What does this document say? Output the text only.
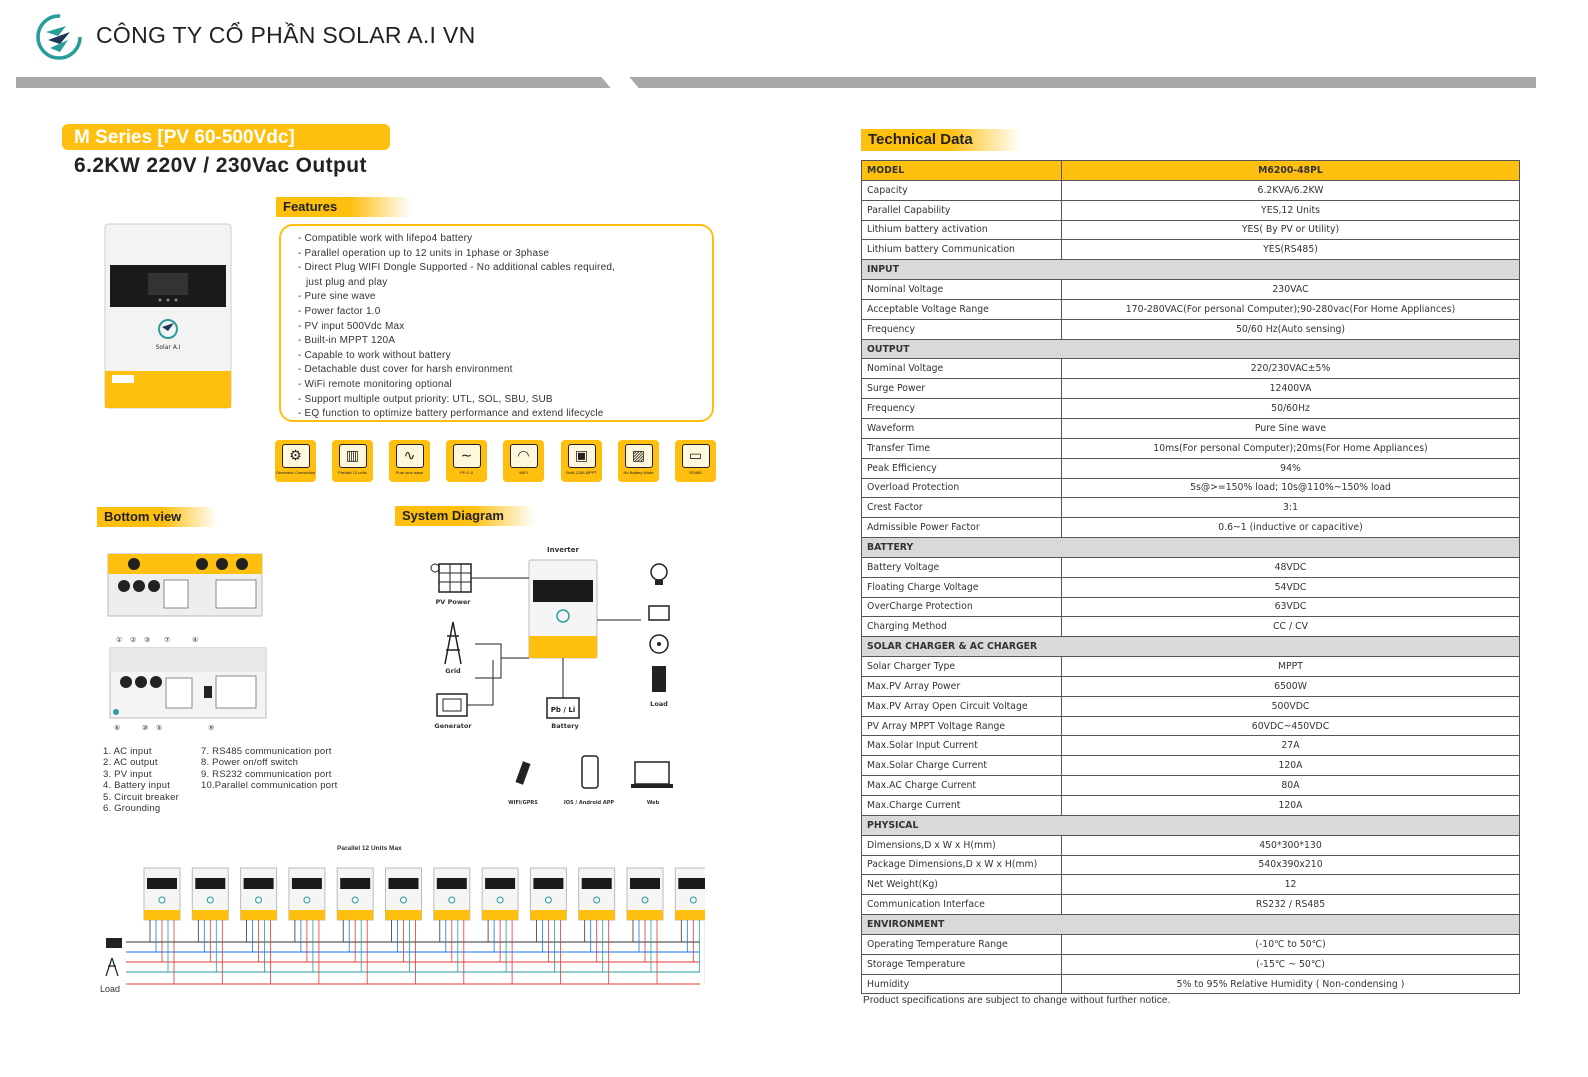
CÔNG TY CỔ PHẦN SOLAR A.I VN
M Series [PV 60-500Vdc]
6.2KW 220V / 230Vac Output
Solar A.I
Features
- Compatible work with lifepo4 battery
- Parallel operation up to 12 units in 1phase or 3phase
- Direct Plug WIFI Dongle Supported - No additional cables required,
just plug and play
- Pure sine wave
- Power factor 1.0
- PV input 500Vdc Max
- Built-in MPPT 120A
- Capable to work without battery
- Detachable dust cover for harsh environment
- WiFi remote monitoring optional
- Support multiple output priority: UTL, SOL, SBU, SUB
- EQ function to optimize battery performance and extend lifecycle
⚙
Generator Connection
▥
Parallel 12 units
∿
Pure sine wave
∼
PF=1.0
◠
WIFI
▣
Built-120A MPPT
▨
No Battery Mode
▭
RS485
Bottom view
① ② ③ ⑦	④
⑥	⑩ ⑤	⑨
1. AC input
2. AC output
3. PV input
4. Battery input
5. Circuit breaker
6. Grounding
7. RS485 communication port
8. Power on/off switch
9. RS232 communication port
10.Parallel communication port
System Diagram
Inverter
PV Power
Grid
Generator
Pb / Li
Battery
Load
WIFI/GPRS	IOS / Android APP	Web
Parallel 12 Units Max
Load
Technical Data
MODEL	M6200-48PL
Capacity	6.2KVA/6.2KW
Parallel Capability	YES,12 Units
Lithium battery activation	YES( By PV or Utility)
Lithium battery Communication	YES(RS485)
INPUT	
Nominal Voltage	230VAC
Acceptable Voltage Range	170-280VAC(For personal Computer);90-280vac(For Home Appliances)
Frequency	50/60 Hz(Auto sensing)
OUTPUT	
Nominal Voltage	220/230VAC±5%
Surge Power	12400VA
Frequency	50/60Hz
Waveform	Pure Sine wave
Transfer Time	10ms(For personal Computer);20ms(For Home Appliances)
Peak Efficiency	94%
Overload Protection	5s@>=150% load; 10s@110%~150% load
Crest Factor	3:1
Admissible Power Factor	0.6~1 (inductive or capacitive)
BATTERY	
Battery Voltage	48VDC
Floating Charge Voltage	54VDC
OverCharge Protection	63VDC
Charging Method	CC / CV
SOLAR CHARGER & AC CHARGER	
Solar Charger Type	MPPT
Max.PV Array Power	6500W
Max.PV Array Open Circuit Voltage	500VDC
PV Array MPPT Voltage Range	60VDC~450VDC
Max.Solar Input Current	27A
Max.Solar Charge Current	120A
Max.AC Charge Current	80A
Max.Charge Current	120A
PHYSICAL	
Dimensions,D x W x H(mm)	450*300*130
Package Dimensions,D x W x H(mm)	540x390x210
Net Weight(Kg)	12
Communication Interface	RS232 / RS485
ENVIRONMENT	
Operating Temperature Range	(-10℃ to 50℃)
Storage Temperature	(-15℃ ~ 50℃)
Humidity	5% to 95% Relative Humidity ( Non-condensing )
Product specifications are subject to change without further notice.
